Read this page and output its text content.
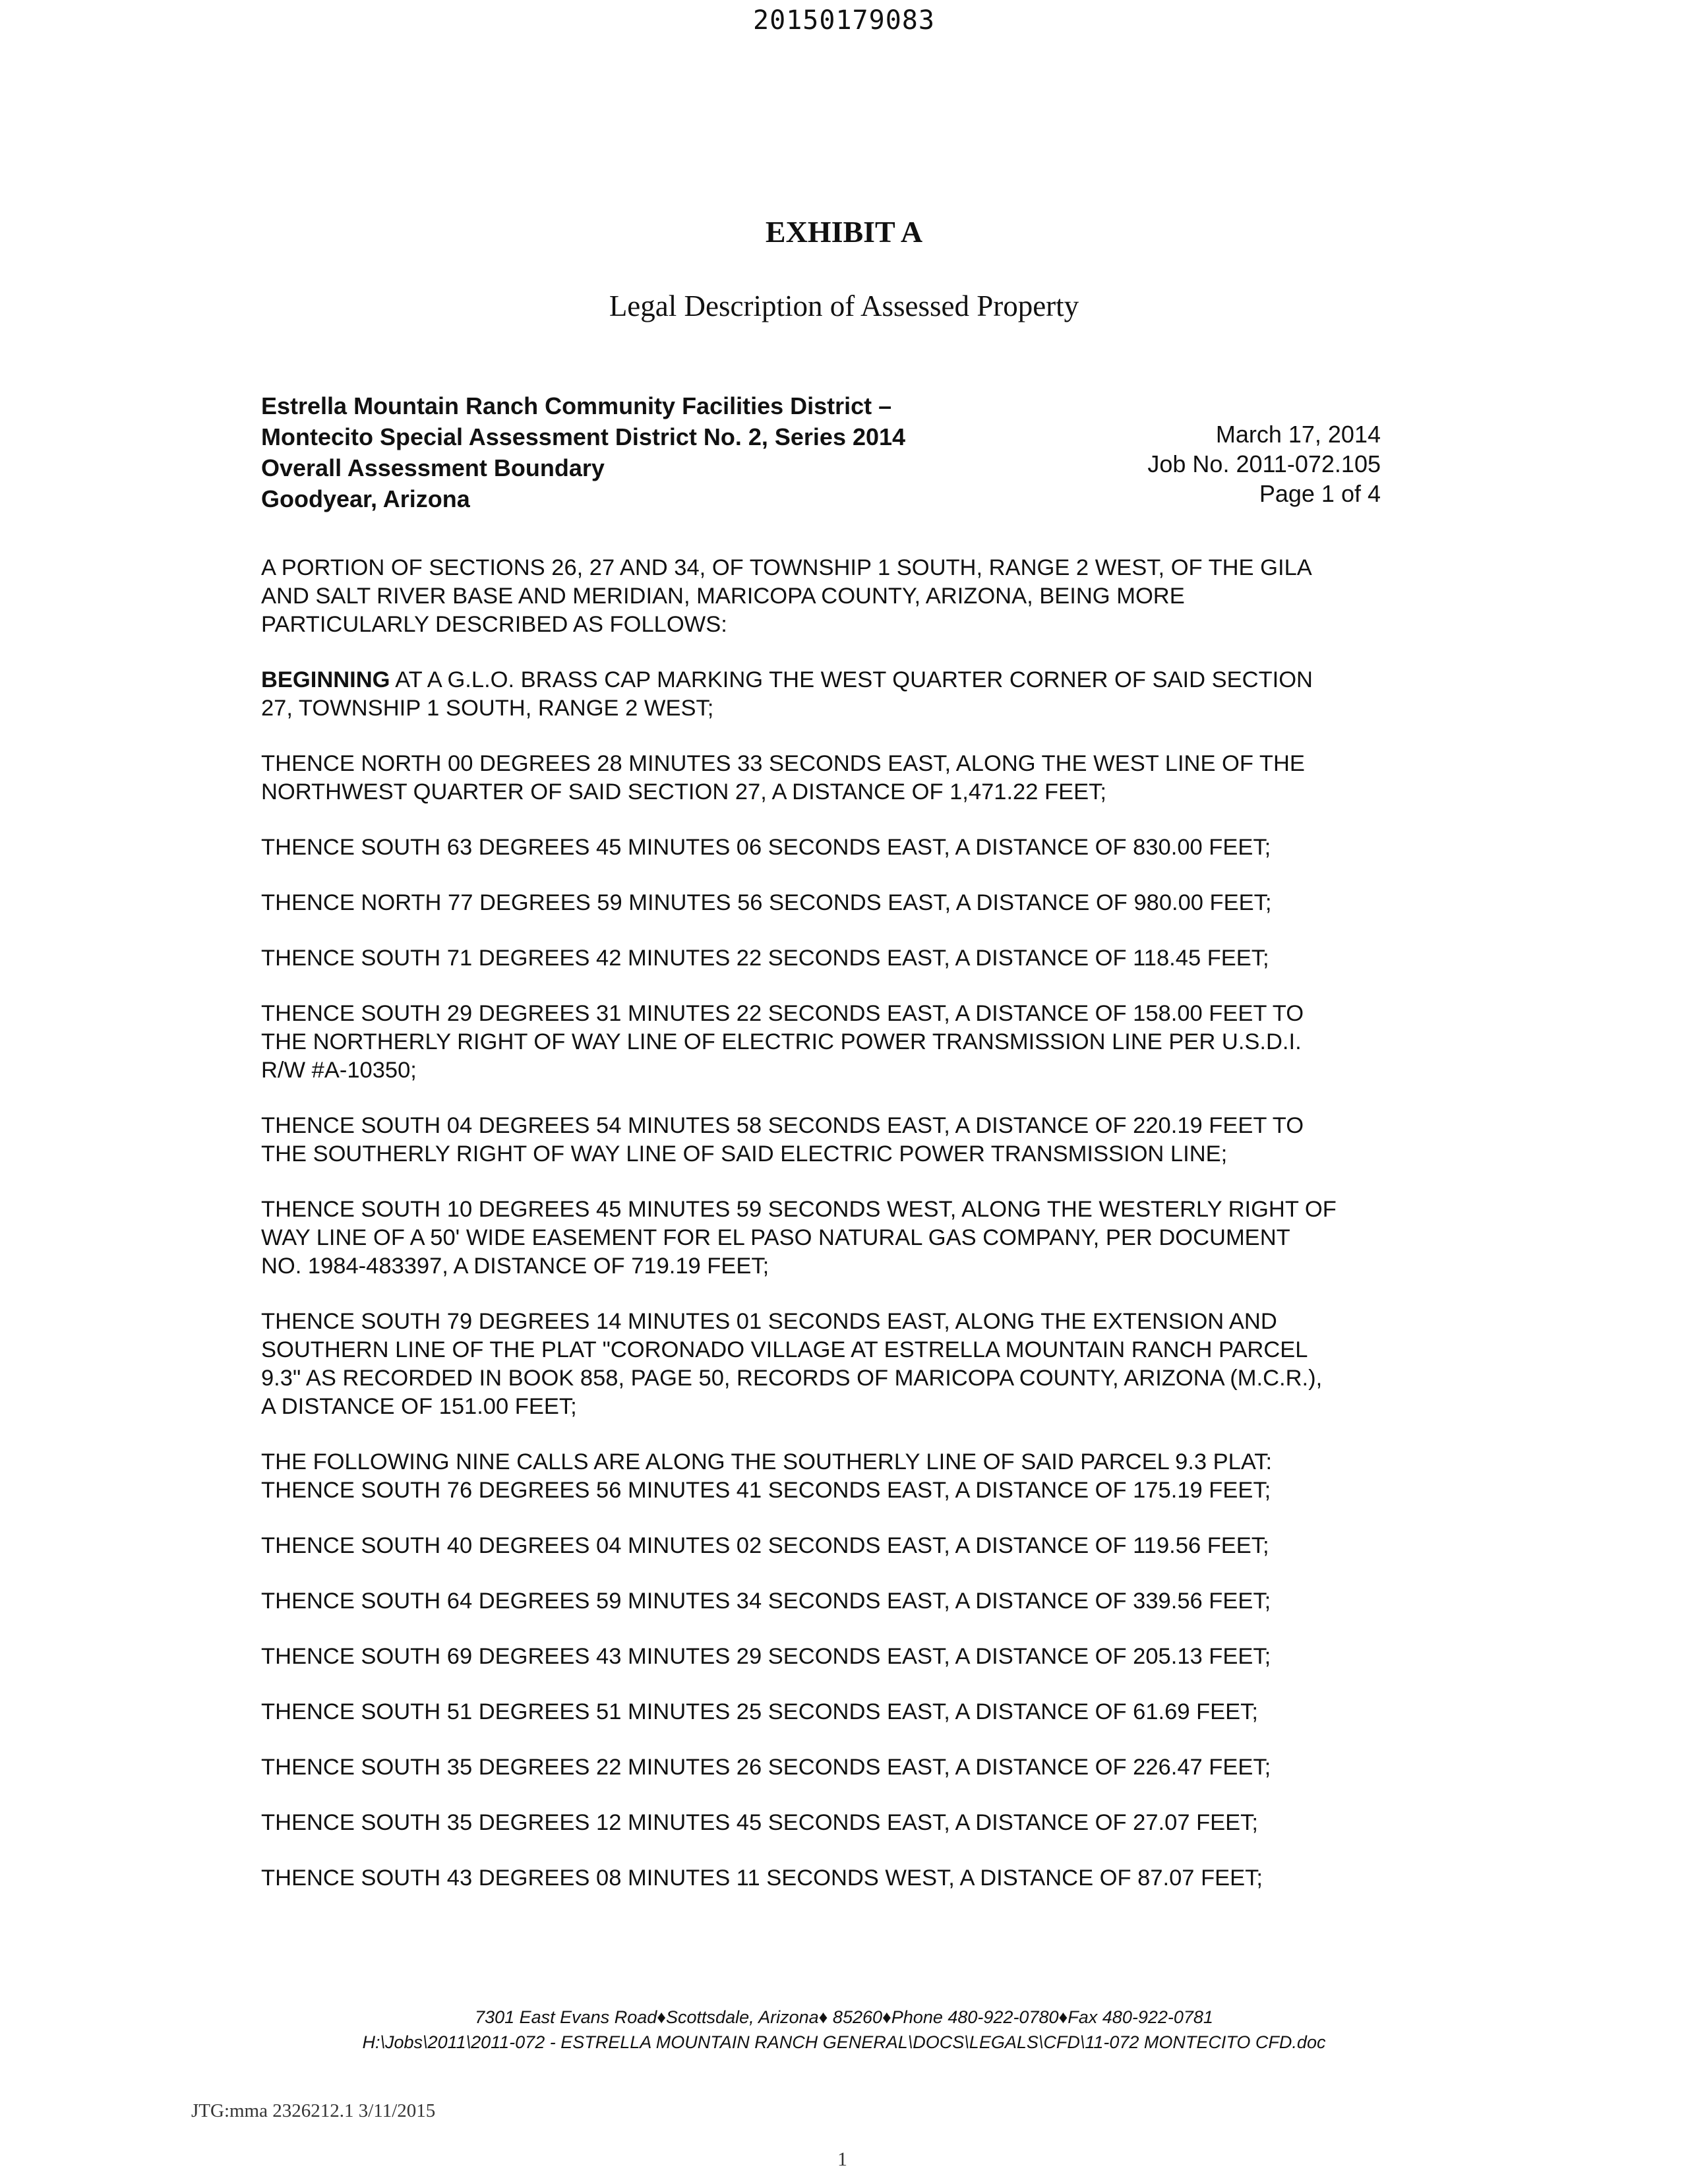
20150179083
EXHIBIT A
Legal Description of Assessed Property
Estrella Mountain Ranch Community Facilities District –
Montecito Special Assessment District No. 2, Series 2014
Overall Assessment Boundary
Goodyear, Arizona
March 17, 2014
Job No. 2011-072.105
Page 1 of 4

A PORTION OF SECTIONS 26, 27 AND 34, OF TOWNSHIP 1 SOUTH, RANGE 2 WEST, OF THE GILA
AND SALT RIVER BASE AND MERIDIAN, MARICOPA COUNTY, ARIZONA, BEING MORE
PARTICULARLY DESCRIBED AS FOLLOWS:

BEGINNING AT A G.L.O. BRASS CAP MARKING THE WEST QUARTER CORNER OF SAID SECTION
27, TOWNSHIP 1 SOUTH, RANGE 2 WEST;

THENCE NORTH 00 DEGREES 28 MINUTES 33 SECONDS EAST, ALONG THE WEST LINE OF THE
NORTHWEST QUARTER OF SAID SECTION 27, A DISTANCE OF 1,471.22 FEET;

THENCE SOUTH 63 DEGREES 45 MINUTES 06 SECONDS EAST, A DISTANCE OF 830.00 FEET;

THENCE NORTH 77 DEGREES 59 MINUTES 56 SECONDS EAST, A DISTANCE OF 980.00 FEET;

THENCE SOUTH 71 DEGREES 42 MINUTES 22 SECONDS EAST, A DISTANCE OF 118.45 FEET;

THENCE SOUTH 29 DEGREES 31 MINUTES 22 SECONDS EAST, A DISTANCE OF 158.00 FEET TO
THE NORTHERLY RIGHT OF WAY LINE OF ELECTRIC POWER TRANSMISSION LINE PER U.S.D.I.
R/W #A-10350;

THENCE SOUTH 04 DEGREES 54 MINUTES 58 SECONDS EAST, A DISTANCE OF 220.19 FEET TO
THE SOUTHERLY RIGHT OF WAY LINE OF SAID ELECTRIC POWER TRANSMISSION LINE;

THENCE SOUTH 10 DEGREES 45 MINUTES 59 SECONDS WEST, ALONG THE WESTERLY RIGHT OF
WAY LINE OF A 50' WIDE EASEMENT FOR EL PASO NATURAL GAS COMPANY, PER DOCUMENT
NO. 1984-483397, A DISTANCE OF 719.19 FEET;

THENCE SOUTH 79 DEGREES 14 MINUTES 01 SECONDS EAST, ALONG THE EXTENSION AND
SOUTHERN LINE OF THE PLAT "CORONADO VILLAGE AT ESTRELLA MOUNTAIN RANCH PARCEL
9.3" AS RECORDED IN BOOK 858, PAGE 50, RECORDS OF MARICOPA COUNTY, ARIZONA (M.C.R.),
A DISTANCE OF 151.00 FEET;

THE FOLLOWING NINE CALLS ARE ALONG THE SOUTHERLY LINE OF SAID PARCEL 9.3 PLAT:
THENCE SOUTH 76 DEGREES 56 MINUTES 41 SECONDS EAST, A DISTANCE OF 175.19 FEET;

THENCE SOUTH 40 DEGREES 04 MINUTES 02 SECONDS EAST, A DISTANCE OF 119.56 FEET;

THENCE SOUTH 64 DEGREES 59 MINUTES 34 SECONDS EAST, A DISTANCE OF 339.56 FEET;

THENCE SOUTH 69 DEGREES 43 MINUTES 29 SECONDS EAST, A DISTANCE OF 205.13 FEET;

THENCE SOUTH 51 DEGREES 51 MINUTES 25 SECONDS EAST, A DISTANCE OF 61.69 FEET;

THENCE SOUTH 35 DEGREES 22 MINUTES 26 SECONDS EAST, A DISTANCE OF 226.47 FEET;

THENCE SOUTH 35 DEGREES 12 MINUTES 45 SECONDS EAST, A DISTANCE OF 27.07 FEET;

THENCE SOUTH 43 DEGREES 08 MINUTES 11 SECONDS WEST, A DISTANCE OF 87.07 FEET;

7301 East Evans Road♦Scottsdale, Arizona♦ 85260♦Phone 480-922-0780♦Fax 480-922-0781
H:\Jobs\2011\2011-072 - ESTRELLA MOUNTAIN RANCH GENERAL\DOCS\LEGALS\CFD\11-072 MONTECITO CFD.doc
JTG:mma 2326212.1 3/11/2015
1
